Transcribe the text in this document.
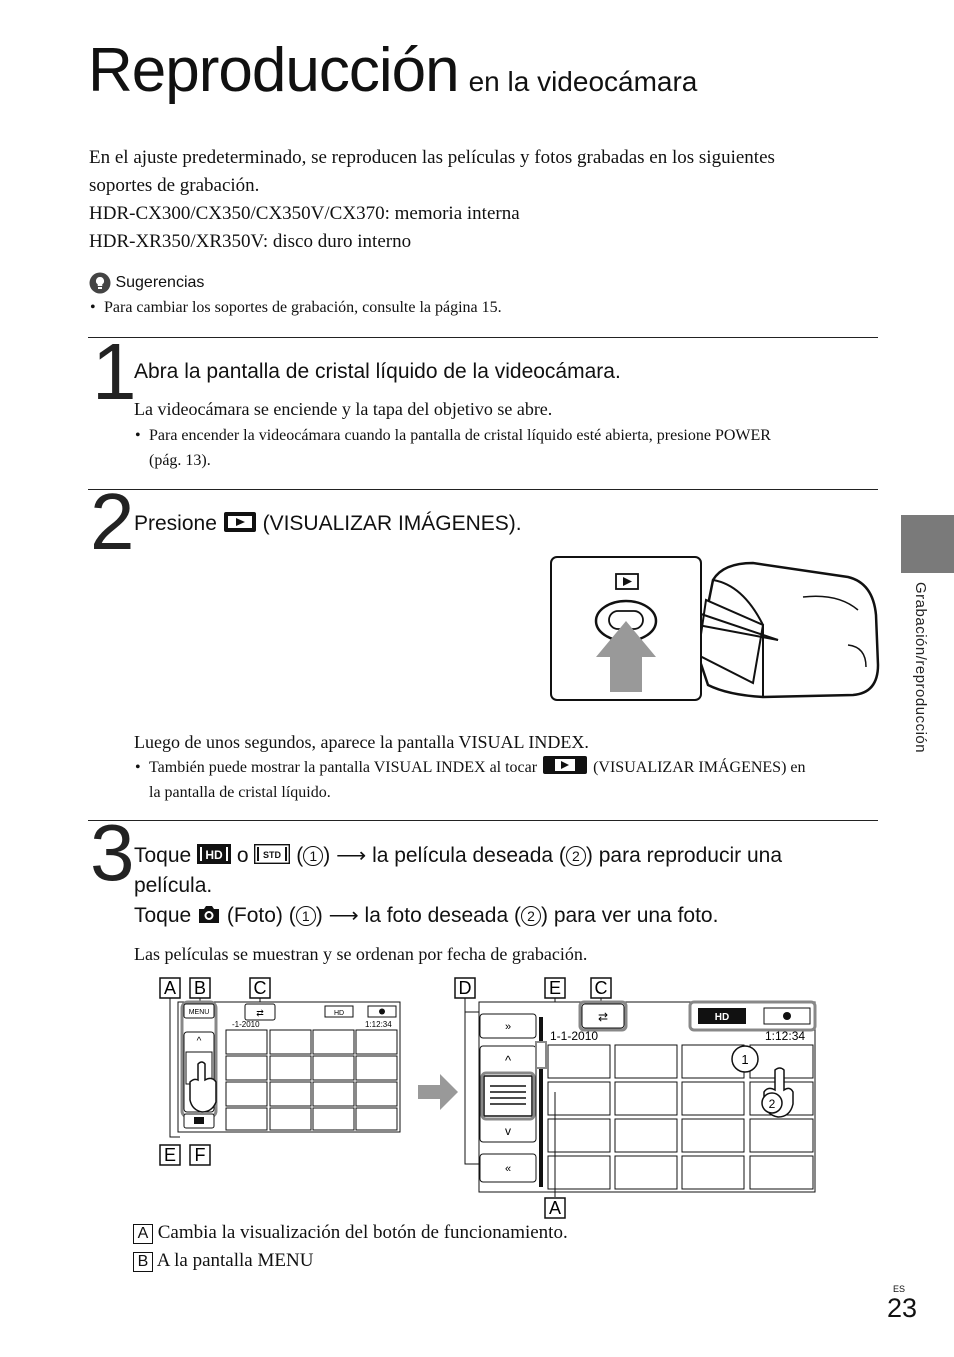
Reproducción en la videocámara
En el ajuste predeterminado, se reproducen las películas y fotos grabadas en los siguientes
soportes de grabación.
HDR-CX300/CX350/CX350V/CX370: memoria interna
HDR-XR350/XR350V: disco duro interno
Sugerencias
• Para cambiar los soportes de grabación, consulte la página 15.
1
Abra la pantalla de cristal líquido de la videocámara.
La videocámara se enciende y la tapa del objetivo se abre.
• Para encender la videocámara cuando la pantalla de cristal líquido esté abierta, presione POWER
(pág. 13).
2 Presione (VISUALIZAR IMÁGENES).
Luego de unos segundos, aparece la pantalla VISUAL INDEX.
• También puede mostrar la pantalla VISUAL INDEX al tocar	(VISUALIZAR IMÁGENES) en
la pantalla de cristal líquido.
3 Toque HD o STD ( 1 ) ⟶ la película deseada ( 2 ) para reproducir una
película.
Toque (Foto) ( 1 ) ⟶ la foto deseada ( 2 ) para ver una foto.
Las películas se muestran y se ordenan por fecha de grabación.
A B	C
MENU	⇄	HD
-1-2010	1:12:34
^
E F
D	E C
»
^
v
«
⇄	HD
1-1-2010	1:12:34
1
2
A
A Cambia la visualización del botón de funcionamiento.
B A la pantalla MENU
Grabación/reproducción
ES
23
